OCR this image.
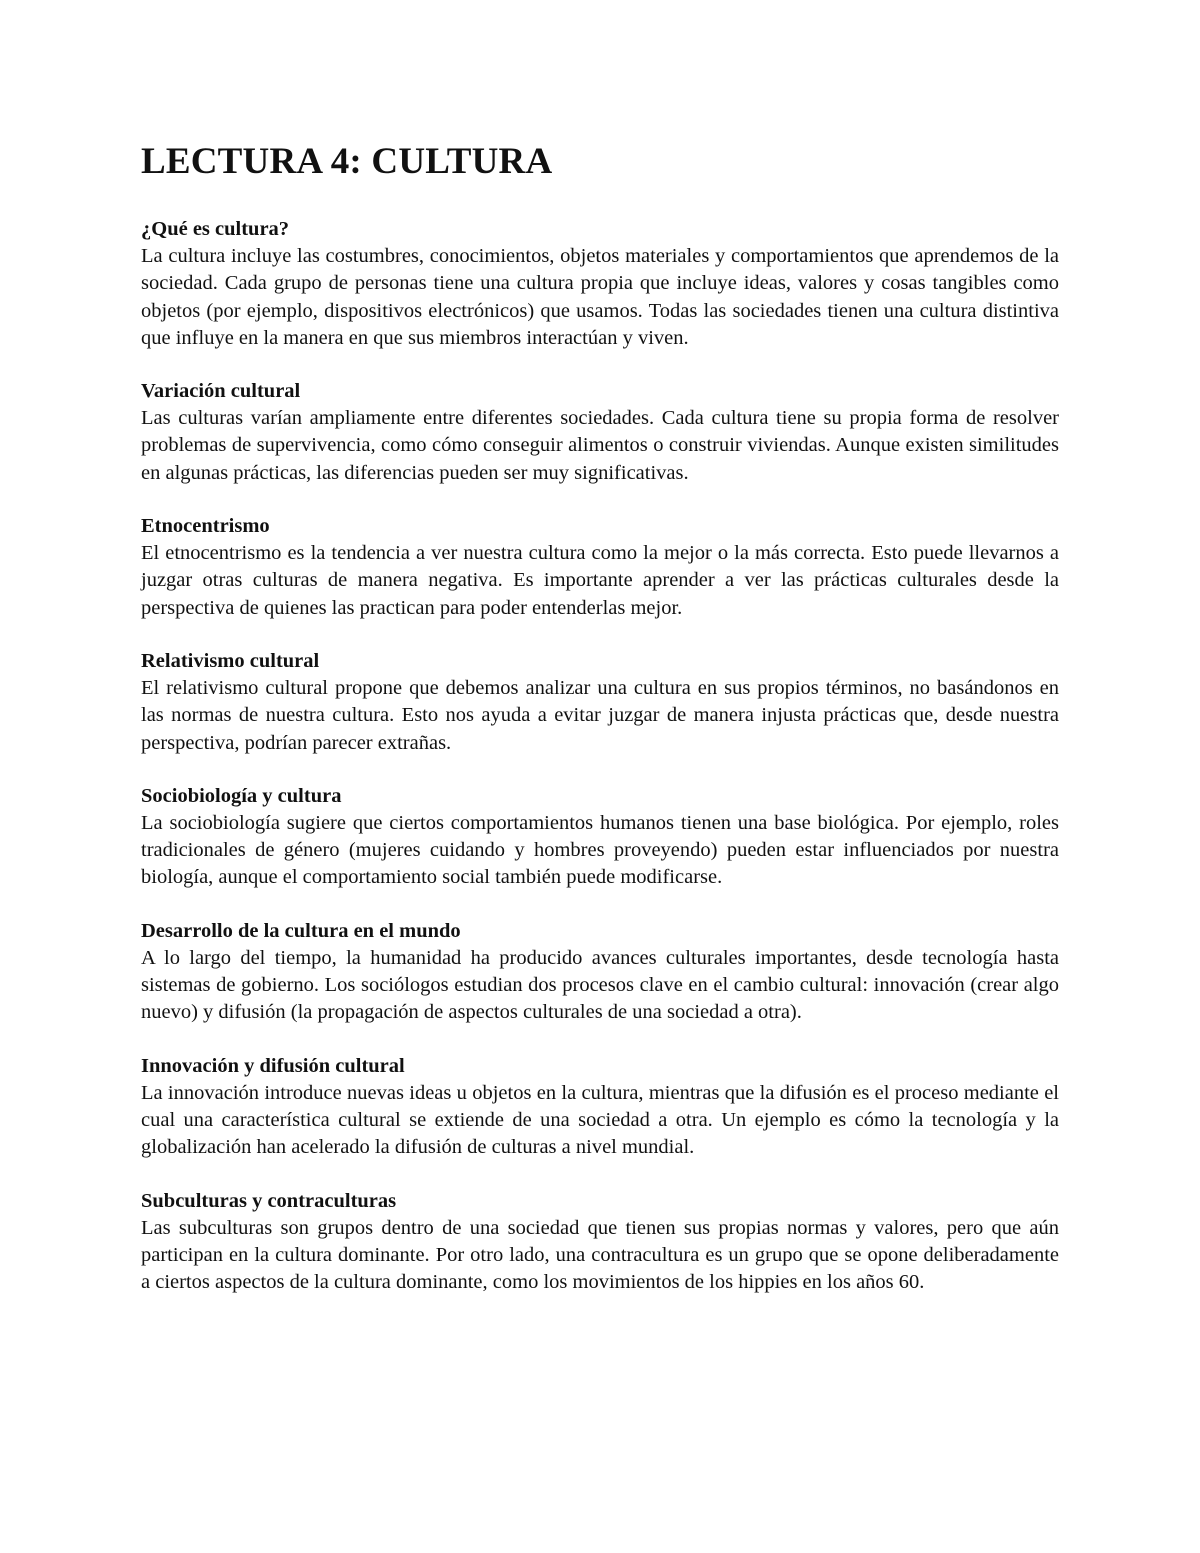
LECTURA 4: CULTURA

¿Qué es cultura?

La cultura incluye las costumbres, conocimientos, objetos materiales y comportamientos que aprendemos de la sociedad. Cada grupo de personas tiene una cultura propia que incluye ideas, valores y cosas tangibles como objetos (por ejemplo, dispositivos electrónicos) que usamos. Todas las sociedades tienen una cultura distintiva que influye en la manera en que sus miembros interactúan y viven.

Variación cultural

Las culturas varían ampliamente entre diferentes sociedades. Cada cultura tiene su propia forma de resolver problemas de supervivencia, como cómo conseguir alimentos o construir viviendas. Aunque existen similitudes en algunas prácticas, las diferencias pueden ser muy significativas.

Etnocentrismo

El etnocentrismo es la tendencia a ver nuestra cultura como la mejor o la más correcta. Esto puede llevarnos a juzgar otras culturas de manera negativa. Es importante aprender a ver las prácticas culturales desde la perspectiva de quienes las practican para poder entenderlas mejor.

Relativismo cultural

El relativismo cultural propone que debemos analizar una cultura en sus propios términos, no basándonos en las normas de nuestra cultura. Esto nos ayuda a evitar juzgar de manera injusta prácticas que, desde nuestra perspectiva, podrían parecer extrañas.

Sociobiología y cultura

La sociobiología sugiere que ciertos comportamientos humanos tienen una base biológica. Por ejemplo, roles tradicionales de género (mujeres cuidando y hombres proveyendo) pueden estar influenciados por nuestra biología, aunque el comportamiento social también puede modificarse.

Desarrollo de la cultura en el mundo

A lo largo del tiempo, la humanidad ha producido avances culturales importantes, desde tecnología hasta sistemas de gobierno. Los sociólogos estudian dos procesos clave en el cambio cultural: innovación (crear algo nuevo) y difusión (la propagación de aspectos culturales de una sociedad a otra).

Innovación y difusión cultural

La innovación introduce nuevas ideas u objetos en la cultura, mientras que la difusión es el proceso mediante el cual una característica cultural se extiende de una sociedad a otra. Un ejemplo es cómo la tecnología y la globalización han acelerado la difusión de culturas a nivel mundial.

Subculturas y contraculturas

Las subculturas son grupos dentro de una sociedad que tienen sus propias normas y valores, pero que aún participan en la cultura dominante. Por otro lado, una contracultura es un grupo que se opone deliberadamente a ciertos aspectos de la cultura dominante, como los movimientos de los hippies en los años 60.
